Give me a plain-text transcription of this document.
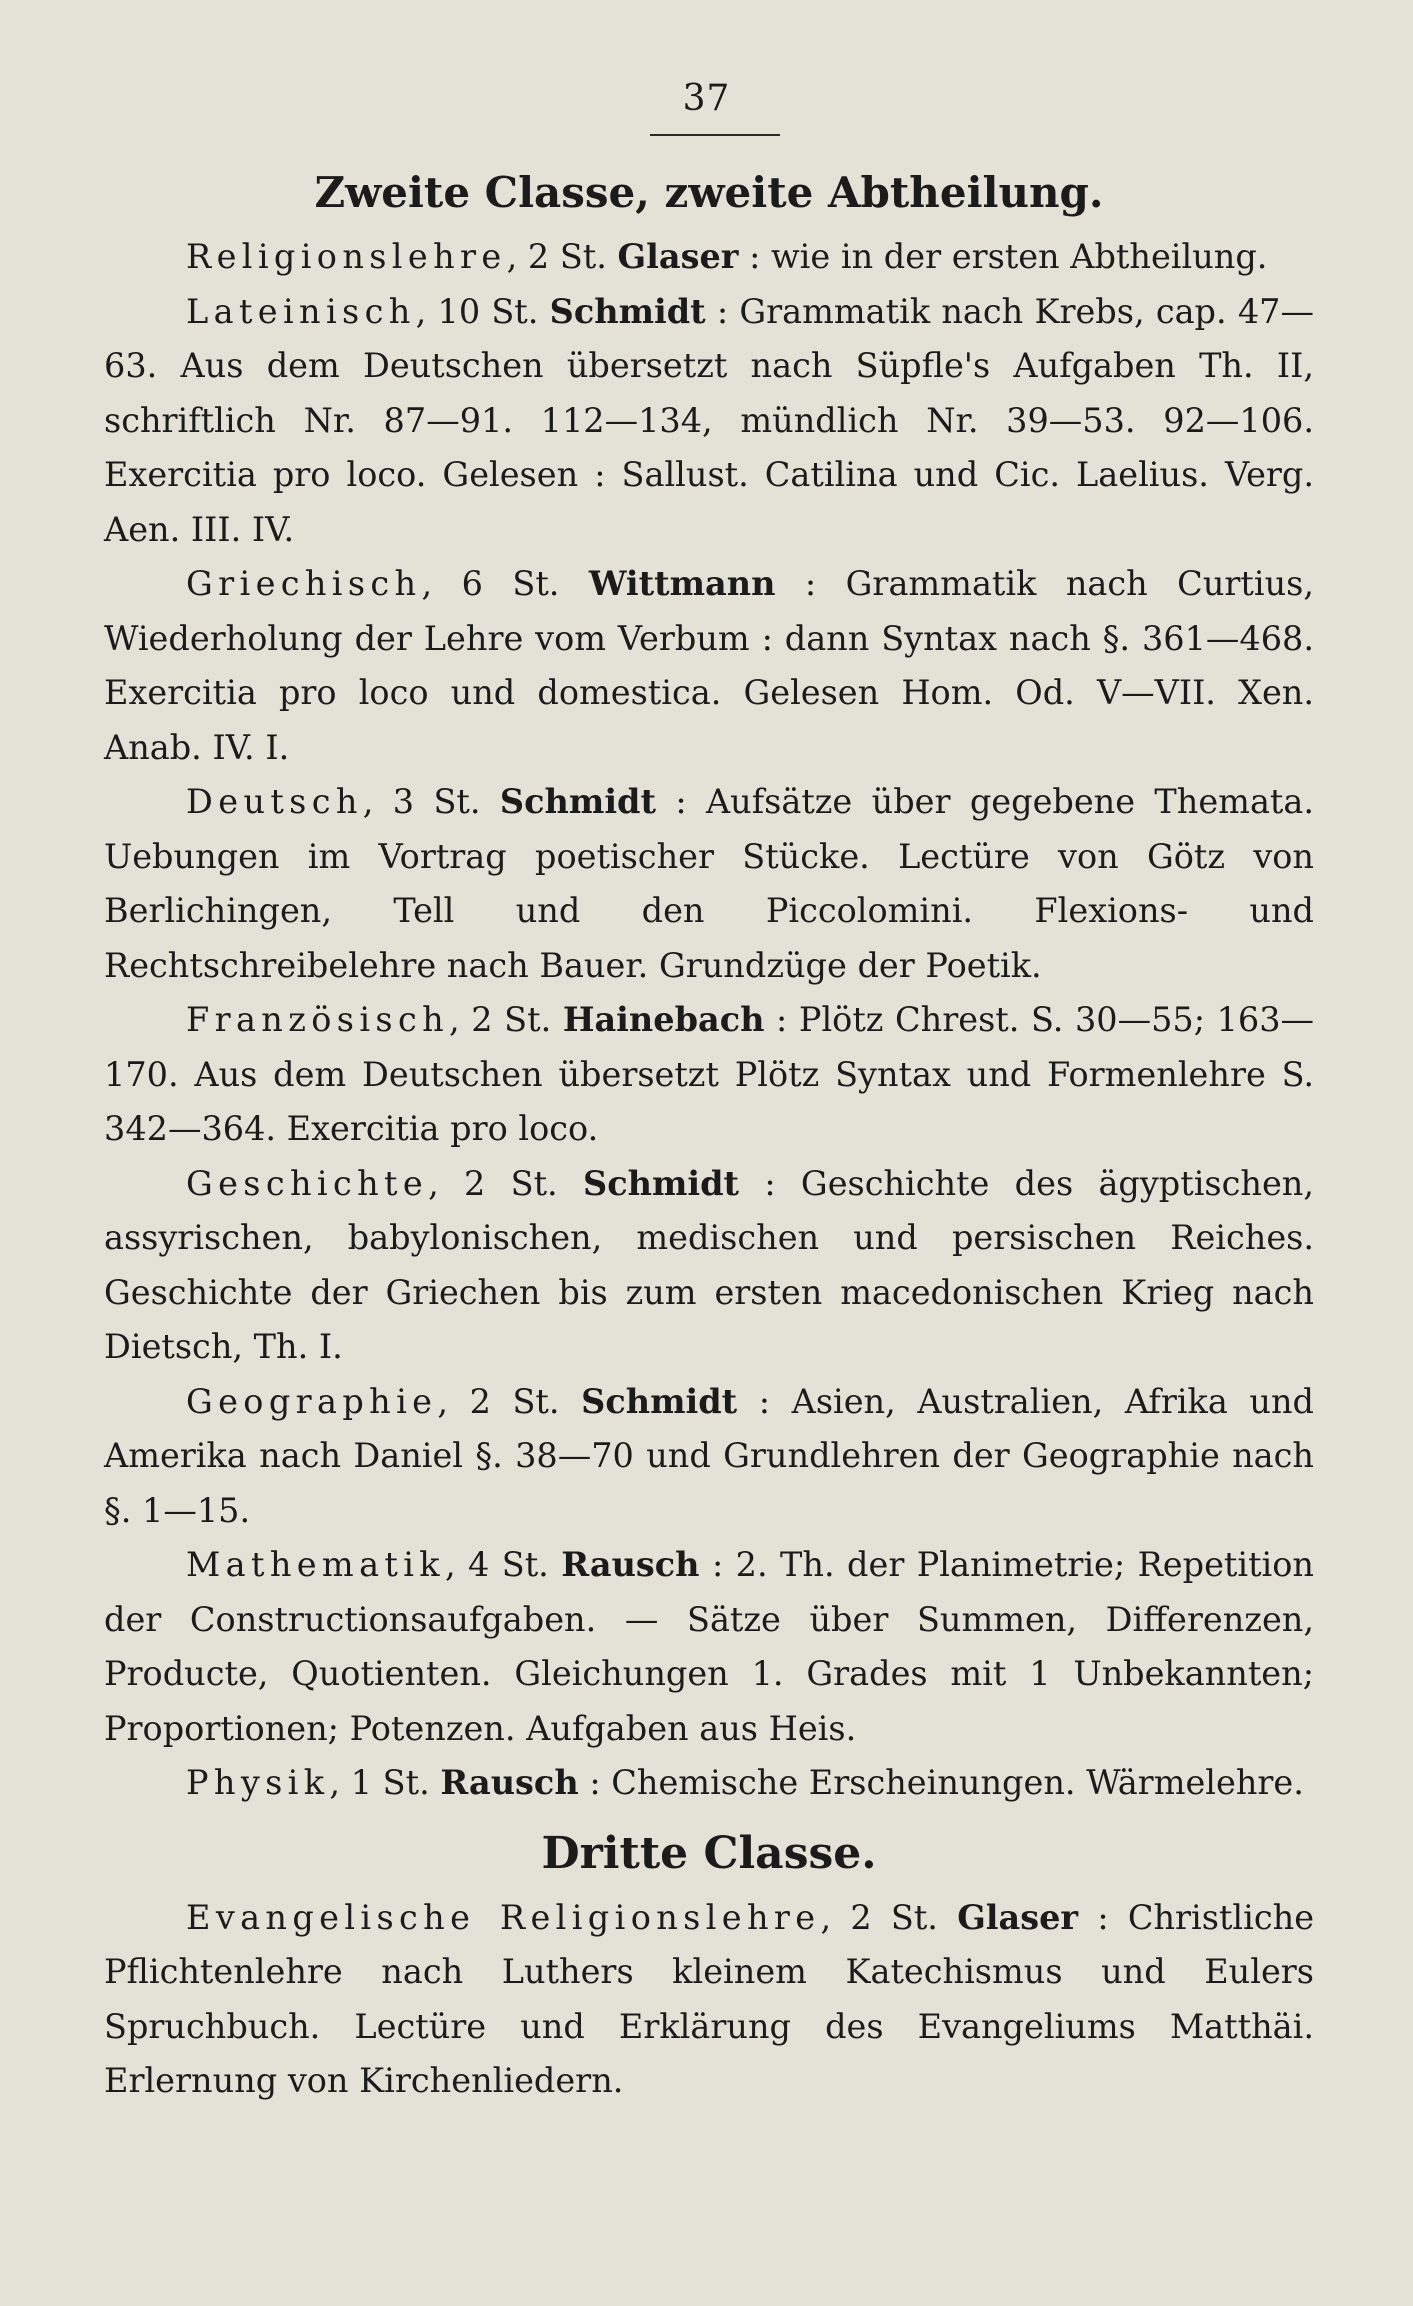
37
Zweite Classe, zweite Abtheilung.

Religionslehre, 2 St. Glaser : wie in der ersten Abtheilung.

Lateinisch, 10 St. Schmidt : Grammatik nach Krebs, cap. 47—63. Aus dem Deutschen übersetzt nach Süpfle's Aufgaben Th. II, schriftlich Nr. 87—91. 112—134, mündlich Nr. 39—53. 92—106. Exercitia pro loco. Gelesen : Sallust. Catilina und Cic. Laelius. Verg. Aen. III. IV.

Griechisch, 6 St. Wittmann : Grammatik nach Curtius, Wiederholung der Lehre vom Verbum : dann Syntax nach §. 361—468. Exercitia pro loco und domestica. Gelesen Hom. Od. V—VII. Xen. Anab. IV. I.

Deutsch, 3 St. Schmidt : Aufsätze über gegebene Themata. Uebungen im Vortrag poetischer Stücke. Lectüre von Götz von Berlichingen, Tell und den Piccolomini. Flexions- und Rechtschreibelehre nach Bauer. Grundzüge der Poetik.

Französisch, 2 St. Hainebach : Plötz Chrest. S. 30—55; 163—170. Aus dem Deutschen übersetzt Plötz Syntax und Formenlehre S. 342—364. Exercitia pro loco.

Geschichte, 2 St. Schmidt : Geschichte des ägyptischen, assyrischen, babylonischen, medischen und persischen Reiches. Geschichte der Griechen bis zum ersten macedonischen Krieg nach Dietsch, Th. I.

Geographie, 2 St. Schmidt : Asien, Australien, Afrika und Amerika nach Daniel §. 38—70 und Grundlehren der Geographie nach §. 1—15.

Mathematik, 4 St. Rausch : 2. Th. der Planimetrie; Repetition der Constructionsaufgaben. — Sätze über Summen, Differenzen, Producte, Quotienten. Gleichungen 1. Grades mit 1 Unbekannten; Proportionen; Potenzen. Aufgaben aus Heis.

Physik, 1 St. Rausch : Chemische Erscheinungen. Wärmelehre.

Dritte Classe.

Evangelische Religionslehre, 2 St. Glaser : Christliche Pflichtenlehre nach Luthers kleinem Katechismus und Eulers Spruchbuch. Lectüre und Erklärung des Evangeliums Matthäi. Erlernung von Kirchenliedern.
